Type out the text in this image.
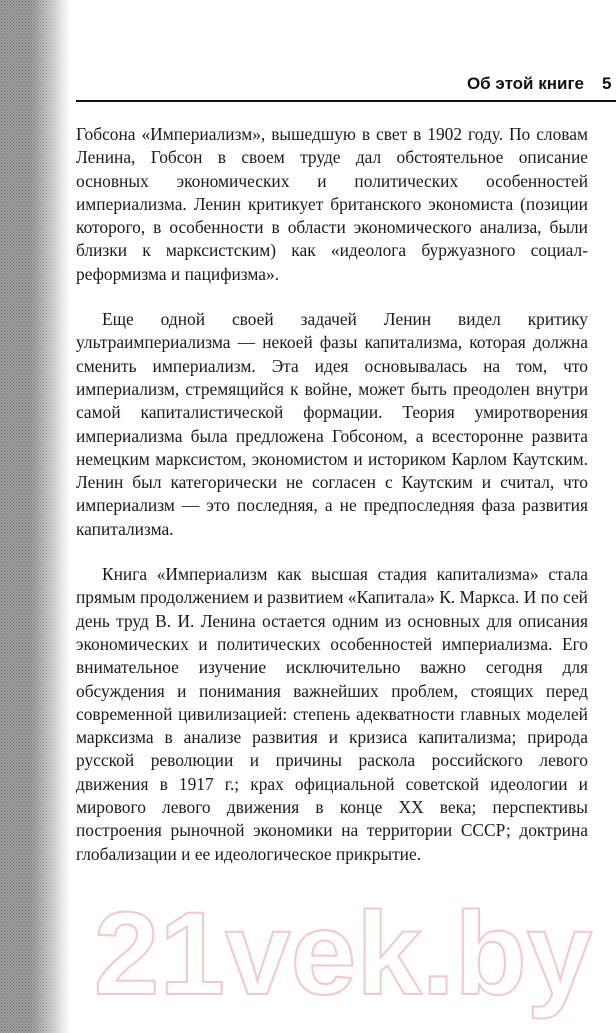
Об этой книге 5

Гобсона «Империализм», вышедшую в свет в 1902 году. По словам Ленина, Гобсон в своем труде дал обстоятельное описание основных экономических и политических особенностей империализма. Ленин критикует британского экономиста (позиции которого, в особенности в области экономического анализа, были близки к марксистским) как «идеолога буржуазного социал-реформизма и пацифизма».

Еще одной своей задачей Ленин видел критику ультраимпериализма — некоей фазы капитализма, которая должна сменить империализм. Эта идея основывалась на том, что империализм, стремящийся к войне, может быть преодолен внутри самой капиталистической формации. Теория умиротворения империализма была предложена Гобсоном, а всесторонне развита немецким марксистом, экономистом и историком Карлом Каутским. Ленин был категорически не согласен с Каутским и считал, что империализм — это последняя, а не предпоследняя фаза развития капитализма.

Книга «Империализм как высшая стадия капитализма» стала прямым продолжением и развитием «Капитала» К. Маркса. И по сей день труд В. И. Ленина остается одним из основных для описания экономических и политических особенностей империализма. Его внимательное изучение исключительно важно сегодня для обсуждения и понимания важнейших проблем, стоящих перед современной цивилизацией: степень адекватности главных моделей марксизма в анализе развития и кризиса капитализма; природа русской революции и причины раскола российского левого движения в 1917 г.; крах официальной советской идеологии и мирового левого движения в конце XX века; перспективы построения рыночной экономики на территории СССР; доктрина глобализации и ее идеологическое прикрытие.

21vek.by
